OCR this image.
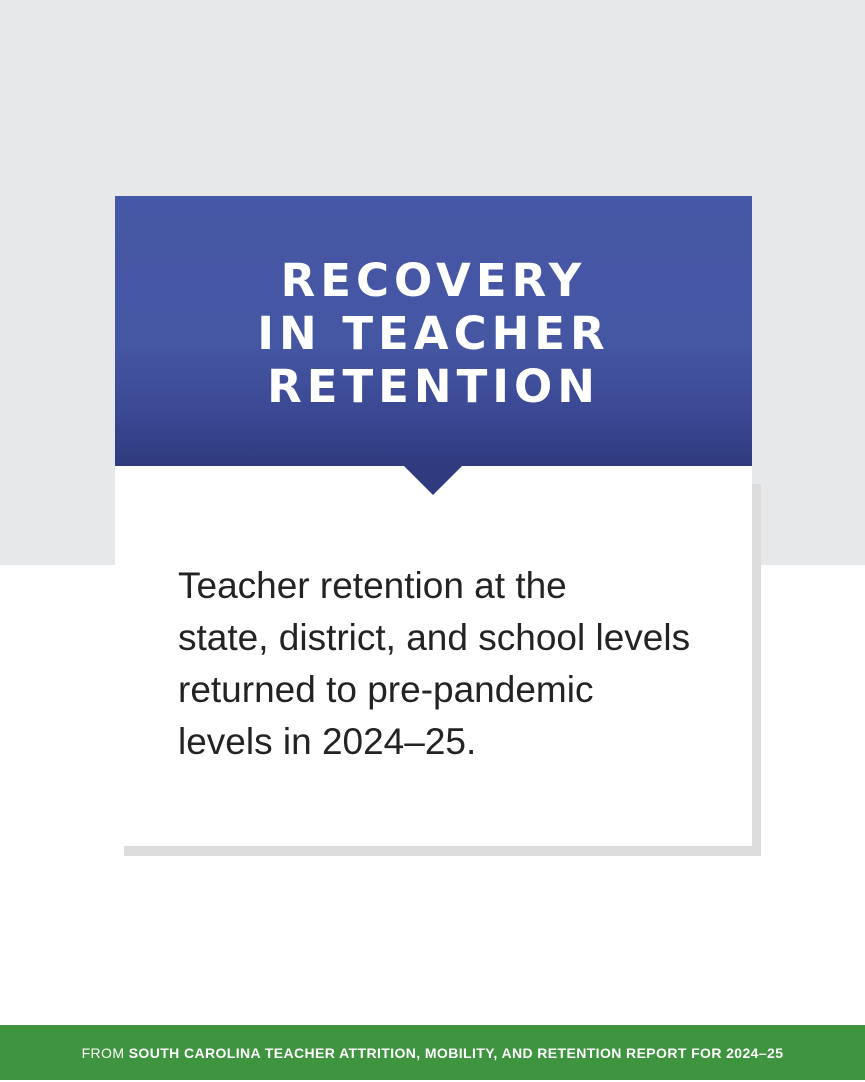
RECOVERY
IN TEACHER
RETENTION
Teacher retention at the
state, district, and school levels
returned to pre-pandemic
levels in 2024–25.
FROM SOUTH CAROLINA TEACHER ATTRITION, MOBILITY, AND RETENTION REPORT FOR 2024–25
